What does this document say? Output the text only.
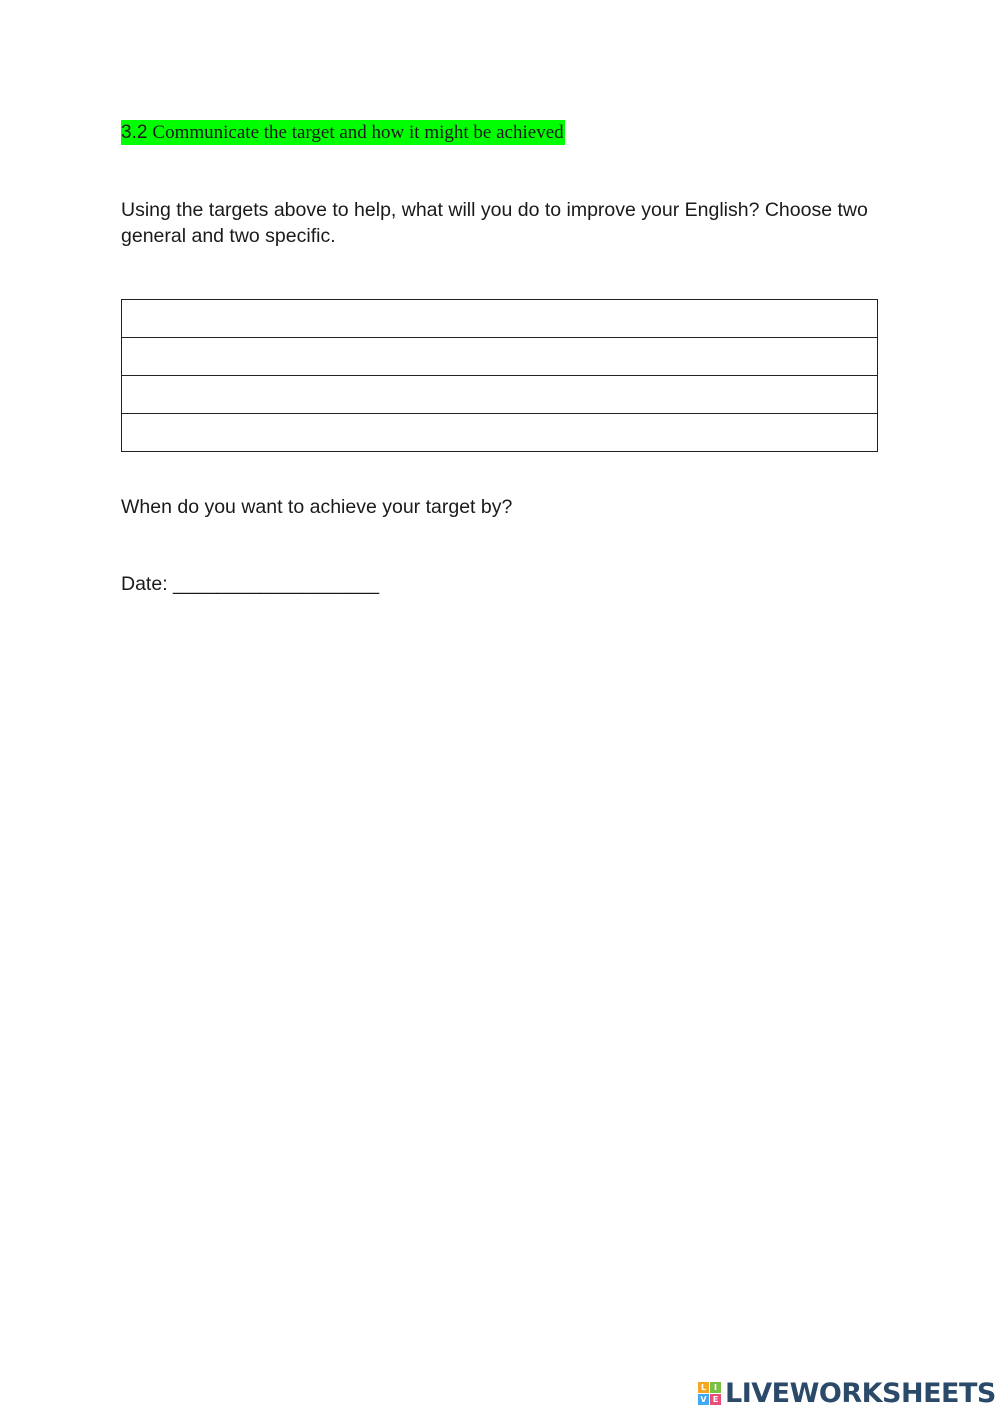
3.2 Communicate the target and how it might be achieved
Using the targets above to help, what will you do to improve your English? Choose two general and two specific.

When do you want to achieve your target by?
Date: ___________________
L I
V E LIVEWORKSHEETS
